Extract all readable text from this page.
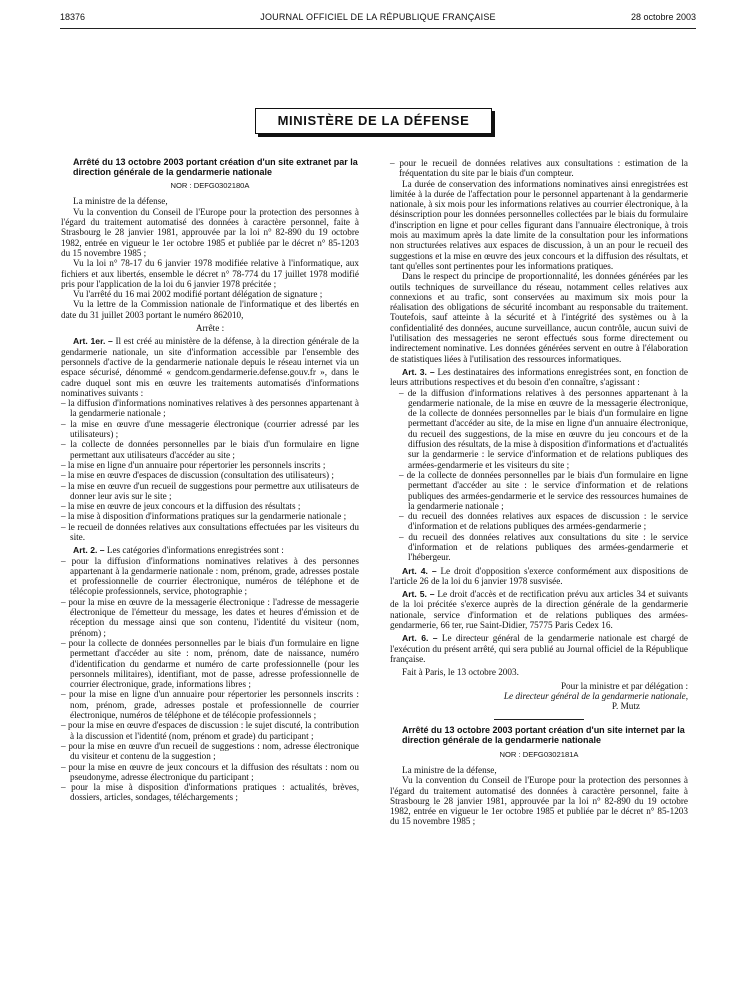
18376	JOURNAL OFFICIEL DE LA RÉPUBLIQUE FRANÇAISE	28 octobre 2003
MINISTÈRE DE LA DÉFENSE

Arrêté du 13 octobre 2003 portant création d'un site extranet par la direction générale de la gendarmerie nationale

NOR : DEFG0302180A

La ministre de la défense,

Vu la convention du Conseil de l'Europe pour la protection des personnes à l'égard du traitement automatisé des données à caractère personnel, faite à Strasbourg le 28 janvier 1981, approuvée par la loi n° 82-890 du 19 octobre 1982, entrée en vigueur le 1er octobre 1985 et publiée par le décret n° 85-1203 du 15 novembre 1985 ;

Vu la loi n° 78-17 du 6 janvier 1978 modifiée relative à l'informatique, aux fichiers et aux libertés, ensemble le décret n° 78-774 du 17 juillet 1978 modifié pris pour l'application de la loi du 6 janvier 1978 précitée ;

Vu l'arrêté du 16 mai 2002 modifié portant délégation de signature ;

Vu la lettre de la Commission nationale de l'informatique et des libertés en date du 31 juillet 2003 portant le numéro 862010,

Arrête :

Art. 1er. – Il est créé au ministère de la défense, à la direction générale de la gendarmerie nationale, un site d'information accessible par l'ensemble des personnels d'active de la gendarmerie nationale depuis le réseau internet via un espace sécurisé, dénommé « gendcom.gendarmerie.defense.gouv.fr », dans le cadre duquel sont mis en œuvre les traitements automatisés d'informations nominatives suivants :

– la diffusion d'informations nominatives relatives à des personnes appartenant à la gendarmerie nationale ;

– la mise en œuvre d'une messagerie électronique (courrier adressé par les utilisateurs) ;

– la collecte de données personnelles par le biais d'un formulaire en ligne permettant aux utilisateurs d'accéder au site ;

– la mise en ligne d'un annuaire pour répertorier les personnels inscrits ;

– la mise en œuvre d'espaces de discussion (consultation des utilisateurs) ;

– la mise en œuvre d'un recueil de suggestions pour permettre aux utilisateurs de donner leur avis sur le site ;

– la mise en œuvre de jeux concours et la diffusion des résultats ;

– la mise à disposition d'informations pratiques sur la gendarmerie nationale ;

– le recueil de données relatives aux consultations effectuées par les visiteurs du site.

Art. 2. – Les catégories d'informations enregistrées sont :

– pour la diffusion d'informations nominatives relatives à des personnes appartenant à la gendarmerie nationale : nom, prénom, grade, adresses postale et professionnelle de courrier électronique, numéros de téléphone et de télécopie professionnels, service, photographie ;

– pour la mise en œuvre de la messagerie électronique : l'adresse de messagerie électronique de l'émetteur du message, les dates et heures d'émission et de réception du message ainsi que son contenu, l'identité du visiteur (nom, prénom) ;

– pour la collecte de données personnelles par le biais d'un formulaire en ligne permettant d'accéder au site : nom, prénom, date de naissance, numéro d'identification du gendarme et numéro de carte professionnelle (pour les personnels militaires), identifiant, mot de passe, adresse professionnelle de courrier électronique, grade, informations libres ;

– pour la mise en ligne d'un annuaire pour répertorier les personnels inscrits : nom, prénom, grade, adresses postale et professionnelle de courrier électronique, numéros de téléphone et de télécopie professionnels ;

– pour la mise en œuvre d'espaces de discussion : le sujet discuté, la contribution à la discussion et l'identité (nom, prénom et grade) du participant ;

– pour la mise en œuvre d'un recueil de suggestions : nom, adresse électronique du visiteur et contenu de la suggestion ;

– pour la mise en œuvre de jeux concours et la diffusion des résultats : nom ou pseudonyme, adresse électronique du participant ;

– pour la mise à disposition d'informations pratiques : actualités, brèves, dossiers, articles, sondages, téléchargements ;

– pour le recueil de données relatives aux consultations : estimation de la fréquentation du site par le biais d'un compteur.

La durée de conservation des informations nominatives ainsi enregistrées est limitée à la durée de l'affectation pour le personnel appartenant à la gendarmerie nationale, à six mois pour les informations relatives au courrier électronique, à la désinscription pour les données personnelles collectées par le biais du formulaire d'inscription en ligne et pour celles figurant dans l'annuaire électronique, à trois mois au maximum après la date limite de la consultation pour les informations non structurées relatives aux espaces de discussion, à un an pour le recueil des suggestions et la mise en œuvre des jeux concours et la diffusion des résultats, et tant qu'elles sont pertinentes pour les informations pratiques.

Dans le respect du principe de proportionnalité, les données générées par les outils techniques de surveillance du réseau, notamment celles relatives aux connexions et au trafic, sont conservées au maximum six mois pour la réalisation des obligations de sécurité incombant au responsable du traitement. Toutefois, sauf atteinte à la sécurité et à l'intégrité des systèmes ou à la confidentialité des données, aucune surveillance, aucun contrôle, aucun suivi de l'utilisation des messageries ne seront effectués sous forme directement ou indirectement nominative. Les données générées servent en outre à l'élaboration de statistiques liées à l'utilisation des ressources informatiques.

Art. 3. – Les destinataires des informations enregistrées sont, en fonction de leurs attributions respectives et du besoin d'en connaître, s'agissant :

– de la diffusion d'informations relatives à des personnes appartenant à la gendarmerie nationale, de la mise en œuvre de la messagerie électronique, de la collecte de données personnelles par le biais d'un formulaire en ligne permettant d'accéder au site, de la mise en ligne d'un annuaire électronique, du recueil des suggestions, de la mise en œuvre du jeu concours et de la diffusion des résultats, de la mise à disposition d'informations et d'actualités sur la gendarmerie : le service d'information et de relations publiques des armées-gendarmerie et les visiteurs du site ;

– de la collecte de données personnelles par le biais d'un formulaire en ligne permettant d'accéder au site : le service d'information et de relations publiques des armées-gendarmerie et le service des ressources humaines de la gendarmerie nationale ;

– du recueil des données relatives aux espaces de discussion : le service d'information et de relations publiques des armées-gendarmerie ;

– du recueil des données relatives aux consultations du site : le service d'information et de relations publiques des armées-gendarmerie et l'hébergeur.

Art. 4. – Le droit d'opposition s'exerce conformément aux dispositions de l'article 26 de la loi du 6 janvier 1978 susvisée.

Art. 5. – Le droit d'accès et de rectification prévu aux articles 34 et suivants de la loi précitée s'exerce auprès de la direction générale de la gendarmerie nationale, service d'information et de relations publiques des armées-gendarmerie, 66 ter, rue Saint-Didier, 75775 Paris Cedex 16.

Art. 6. – Le directeur général de la gendarmerie nationale est chargé de l'exécution du présent arrêté, qui sera publié au Journal officiel de la République française.

Fait à Paris, le 13 octobre 2003.

Pour la ministre et par délégation :

Le directeur général de la gendarmerie nationale,

P. Mutz

Arrêté du 13 octobre 2003 portant création d'un site internet par la direction générale de la gendarmerie nationale

NOR : DEFG0302181A

La ministre de la défense,

Vu la convention du Conseil de l'Europe pour la protection des personnes à l'égard du traitement automatisé des données à caractère personnel, faite à Strasbourg le 28 janvier 1981, approuvée par la loi n° 82-890 du 19 octobre 1982, entrée en vigueur le 1er octobre 1985 et publiée par le décret n° 85-1203 du 15 novembre 1985 ;
